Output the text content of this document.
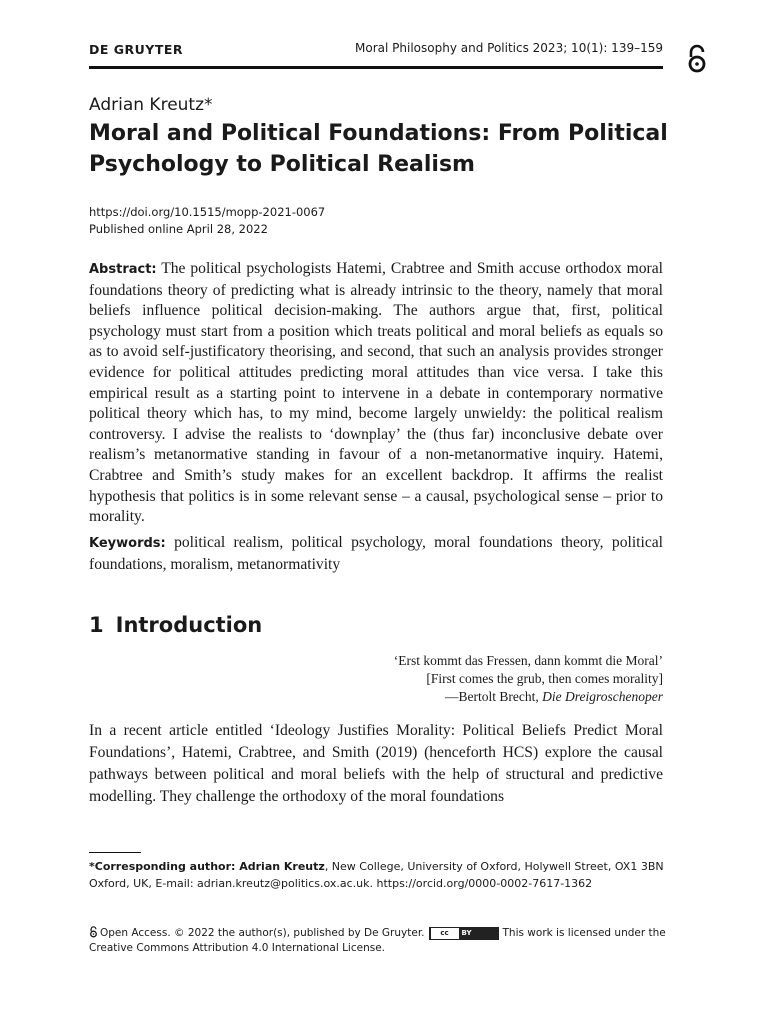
DE GRUYTER	Moral Philosophy and Politics 2023; 10(1): 139–159
Adrian Kreutz*
Moral and Political Foundations: From Political Psychology to Political Realism
https://doi.org/10.1515/mopp-2021-0067
Published online April 28, 2022
Abstract: The political psychologists Hatemi, Crabtree and Smith accuse orthodox moral foundations theory of predicting what is already intrinsic to the theory, namely that moral beliefs influence political decision-making. The authors argue that, first, political psychology must start from a position which treats political and moral beliefs as equals so as to avoid self-justificatory theorising, and second, that such an analysis provides stronger evidence for political attitudes predicting moral attitudes than vice versa. I take this empirical result as a starting point to intervene in a debate in contemporary normative political theory which has, to my mind, become largely unwieldy: the political realism controversy. I advise the realists to ‘downplay’ the (thus far) inconclusive debate over realism’s metanormative standing in favour of a non-metanormative inquiry. Hatemi, Crabtree and Smith’s study makes for an excellent backdrop. It affirms the realist hypothesis that politics is in some relevant sense – a causal, psychological sense – prior to morality.
Keywords: political realism, political psychology, moral foundations theory, political foundations, moralism, metanormativity
1 Introduction
‘Erst kommt das Fressen, dann kommt die Moral’
[First comes the grub, then comes morality]
—Bertolt Brecht, Die Dreigroschenoper
In a recent article entitled ‘Ideology Justifies Morality: Political Beliefs Predict Moral Foundations’, Hatemi, Crabtree, and Smith (2019) (henceforth HCS) explore the causal pathways between political and moral beliefs with the help of structural and predictive modelling. They challenge the orthodoxy of the moral foundations
*Corresponding author: Adrian Kreutz, New College, University of Oxford, Holywell Street, OX1 3BN Oxford, UK, E-mail: adrian.kreutz@politics.ox.ac.uk. https://orcid.org/0000-0002-7617-1362
Open Access. © 2022 the author(s), published by De Gruyter.	cc	BY	This work is licensed under the Creative Commons Attribution 4.0 International License.
